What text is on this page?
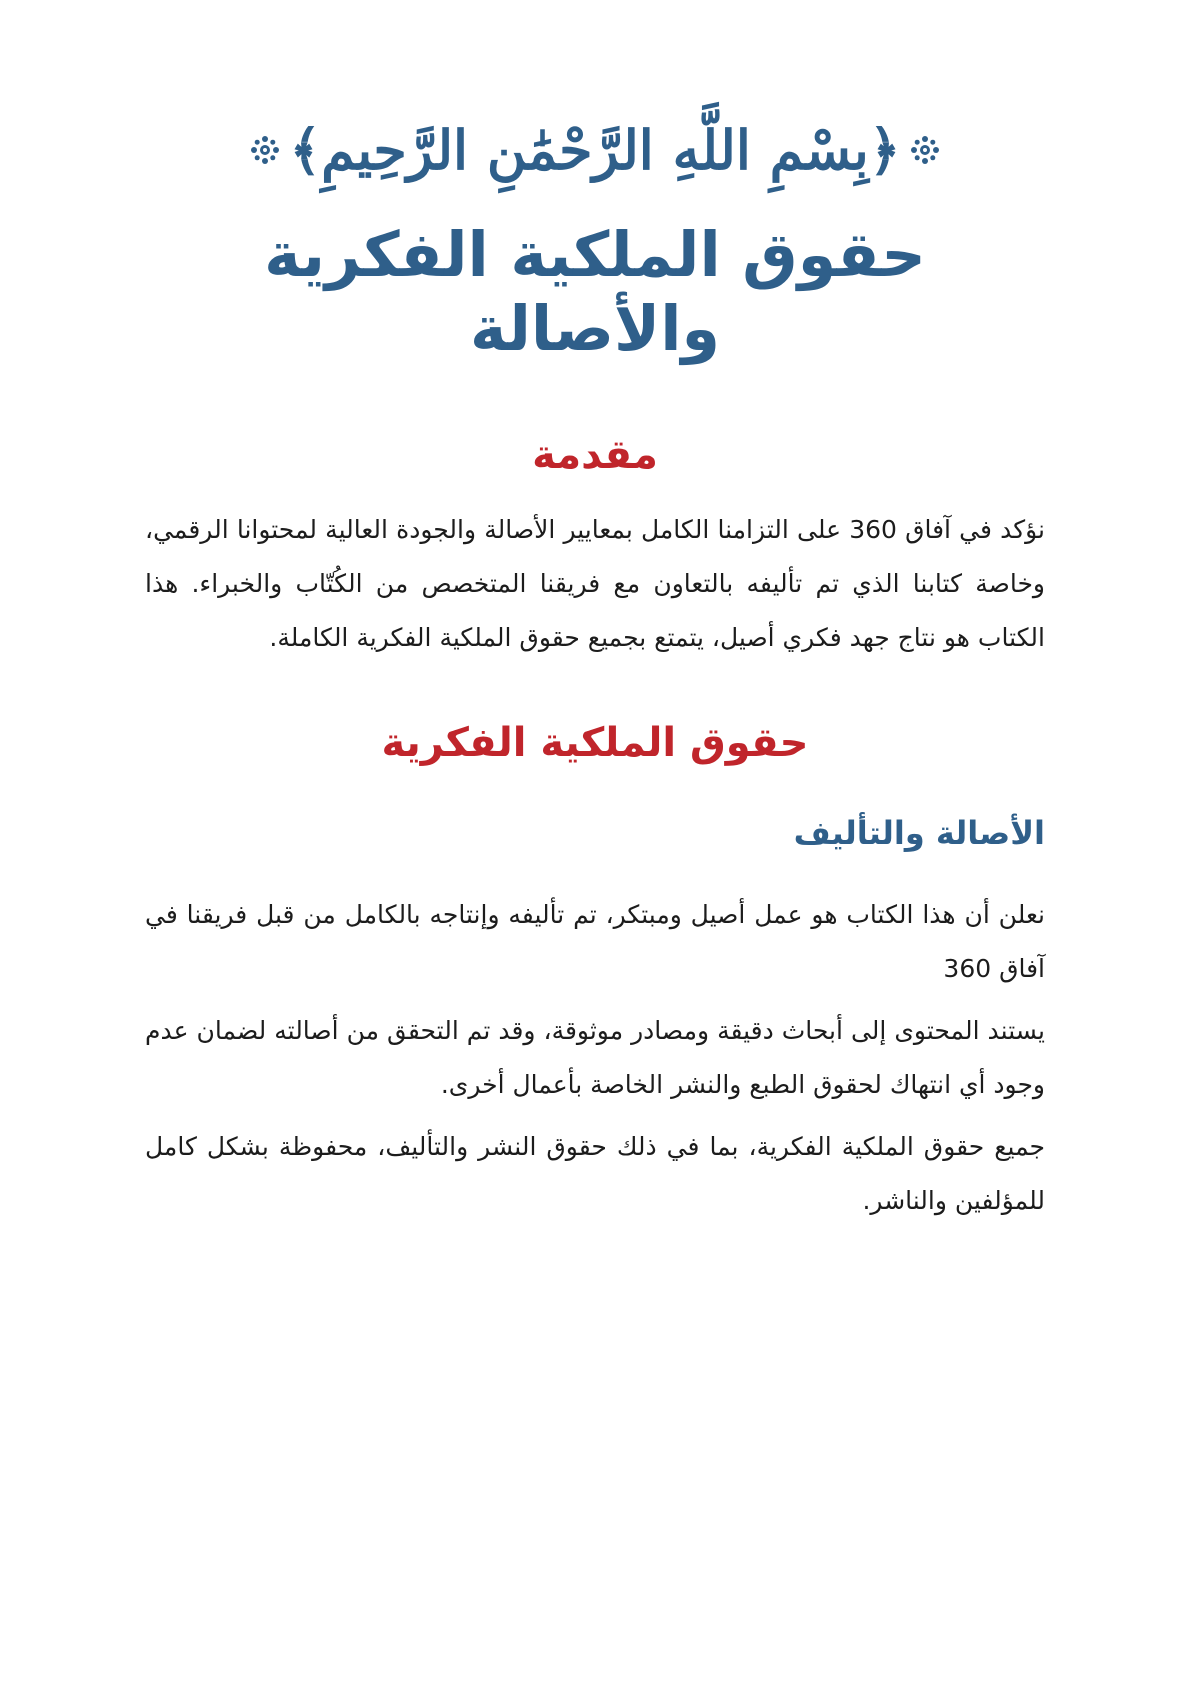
﴿بِسْمِ اللَّهِ الرَّحْمَٰنِ الرَّحِيمِ﴾
حقوق الملكية الفكرية والأصالة
مقدمة

نؤكد في آفاق 360 على التزامنا الكامل بمعايير الأصالة والجودة العالية لمحتوانا الرقمي، وخاصة كتابنا الذي تم تأليفه بالتعاون مع فريقنا المتخصص من الكُتّاب والخبراء. هذا الكتاب هو نتاج جهد فكري أصيل، يتمتع بجميع حقوق الملكية الفكرية الكاملة.

حقوق الملكية الفكرية
الأصالة والتأليف

نعلن أن هذا الكتاب هو عمل أصيل ومبتكر، تم تأليفه وإنتاجه بالكامل من قبل فريقنا في آفاق 360

يستند المحتوى إلى أبحاث دقيقة ومصادر موثوقة، وقد تم التحقق من أصالته لضمان عدم وجود أي انتهاك لحقوق الطبع والنشر الخاصة بأعمال أخرى.

جميع حقوق الملكية الفكرية، بما في ذلك حقوق النشر والتأليف، محفوظة بشكل كامل للمؤلفين والناشر.
